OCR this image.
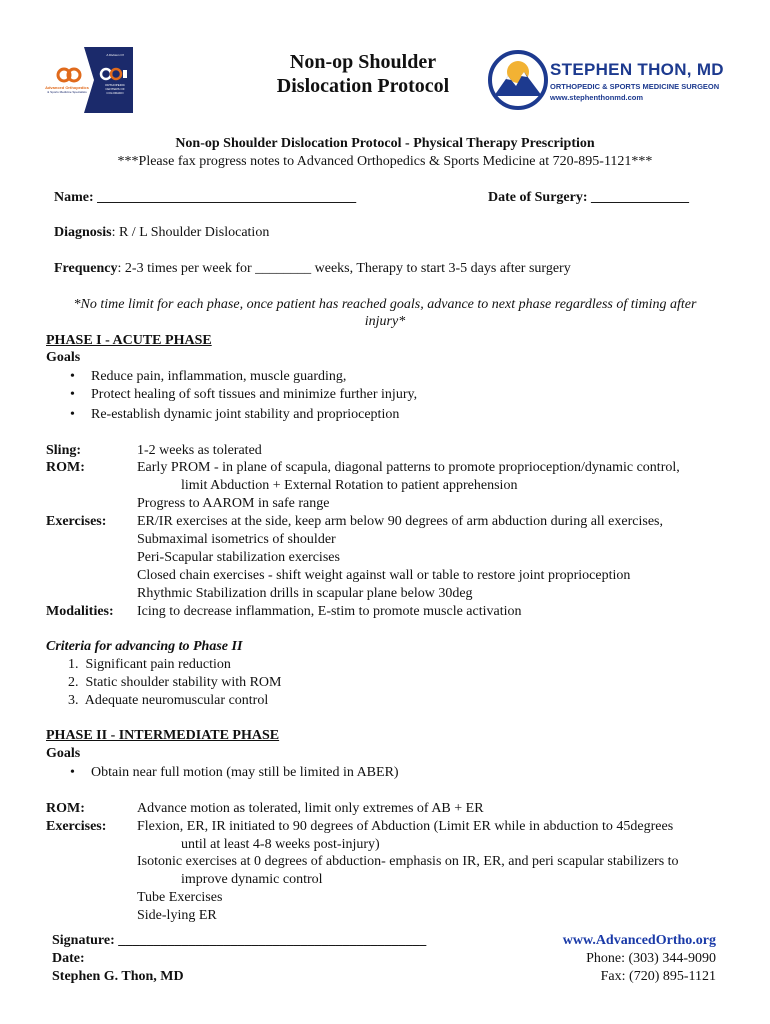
A Division Of
Advanced Orthopedics
& Sports Medicine Specialists
ORTHOPEDIC CENTERS OF COLORADO
STEPHEN THON, MD
ORTHOPEDIC & SPORTS MEDICINE SURGEON
www.stephenthonmd.com
Non-op Shoulder
Dislocation Protocol
Non-op Shoulder Dislocation Protocol - Physical Therapy Prescription
***Please fax progress notes to Advanced Orthopedics & Sports Medicine at 720-895-1121***
Name: _____________________________________	Date of Surgery: ______________
Diagnosis: R / L Shoulder Dislocation
Frequency: 2-3 times per week for ________ weeks, Therapy to start 3-5 days after surgery
*No time limit for each phase, once patient has reached goals, advance to next phase regardless of timing after
injury*
PHASE I - ACUTE PHASE
Goals
• Reduce pain, inflammation, muscle guarding,
• Protect healing of soft tissues and minimize further injury,
• Re-establish dynamic joint stability and proprioception
Sling:	1-2 weeks as tolerated
ROM:	Early PROM - in plane of scapula, diagonal patterns to promote proprioception/dynamic control,
limit Abduction + External Rotation to patient apprehension
Progress to AAROM in safe range
Exercises: ER/IR exercises at the side, keep arm below 90 degrees of arm abduction during all exercises,
Submaximal isometrics of shoulder
Peri-Scapular stabilization exercises
Closed chain exercises - shift weight against wall or table to restore joint proprioception
Rhythmic Stabilization drills in scapular plane below 30deg
Modalities: Icing to decrease inflammation, E-stim to promote muscle activation
Criteria for advancing to Phase II
1.  Significant pain reduction
2.  Static shoulder stability with ROM
3.  Adequate neuromuscular control
PHASE II - INTERMEDIATE PHASE
Goals
• Obtain near full motion (may still be limited in ABER)
ROM:	Advance motion as tolerated, limit only extremes of AB + ER
Exercises: Flexion, ER, IR initiated to 90 degrees of Abduction (Limit ER while in abduction to 45degrees
until at least 4-8 weeks post-injury)
Isotonic exercises at 0 degrees of abduction- emphasis on IR, ER, and peri scapular stabilizers to
improve dynamic control
Tube Exercises
Side-lying ER
Signature: ____________________________________________
Date:
Stephen G. Thon, MD
www.AdvancedOrtho.org
Phone: (303) 344-9090
Fax: (720) 895-1121
